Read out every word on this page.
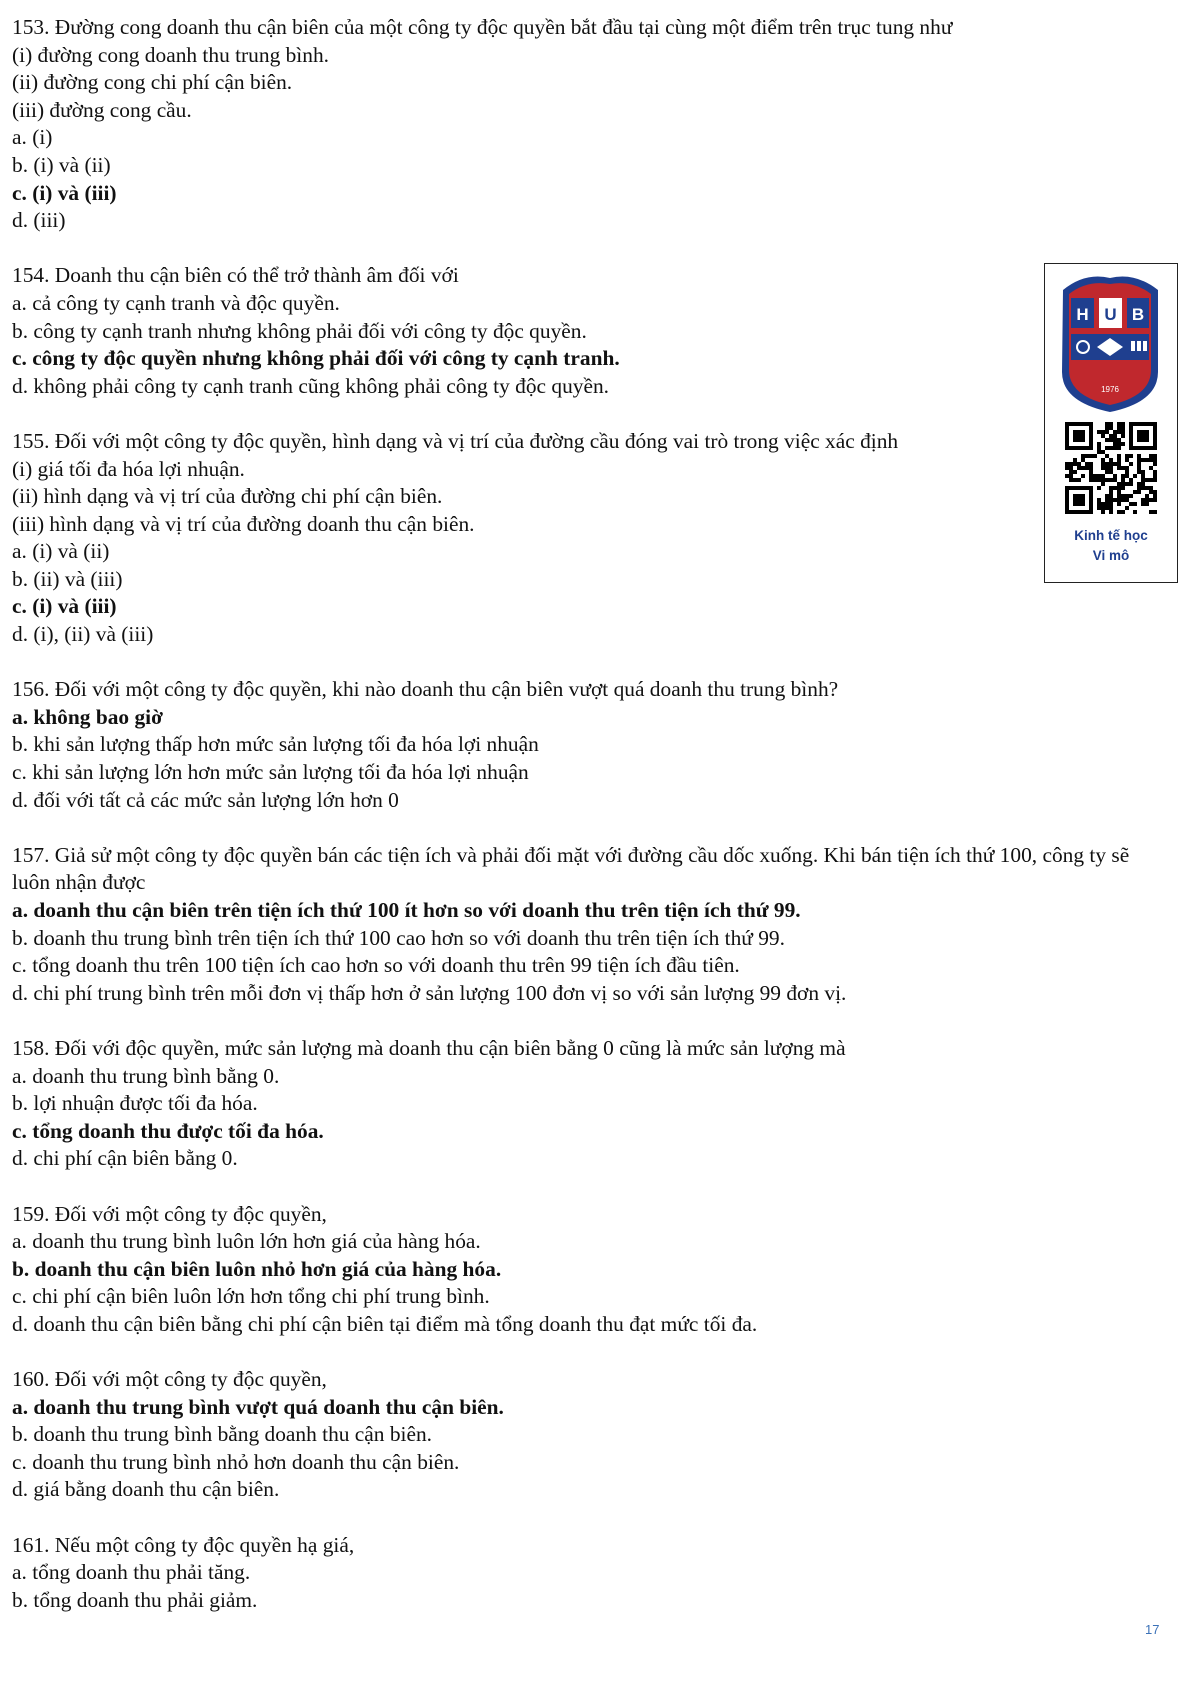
153. Đường cong doanh thu cận biên của một công ty độc quyền bắt đầu tại cùng một điểm trên trục tung như
(i) đường cong doanh thu trung bình.
(ii) đường cong chi phí cận biên.
(iii) đường cong cầu.
a. (i)
b. (i) và (ii)
c. (i) và (iii)
d. (iii)
154. Doanh thu cận biên có thể trở thành âm đối với
a. cả công ty cạnh tranh và độc quyền.
b. công ty cạnh tranh nhưng không phải đối với công ty độc quyền.
c. công ty độc quyền nhưng không phải đối với công ty cạnh tranh.
d. không phải công ty cạnh tranh cũng không phải công ty độc quyền.
155. Đối với một công ty độc quyền, hình dạng và vị trí của đường cầu đóng vai trò trong việc xác định
(i) giá tối đa hóa lợi nhuận.
(ii) hình dạng và vị trí của đường chi phí cận biên.
(iii) hình dạng và vị trí của đường doanh thu cận biên.
a. (i) và (ii)
b. (ii) và (iii)
c. (i) và (iii)
d. (i), (ii) và (iii)
156. Đối với một công ty độc quyền, khi nào doanh thu cận biên vượt quá doanh thu trung bình?
a. không bao giờ
b. khi sản lượng thấp hơn mức sản lượng tối đa hóa lợi nhuận
c. khi sản lượng lớn hơn mức sản lượng tối đa hóa lợi nhuận
d. đối với tất cả các mức sản lượng lớn hơn 0
157. Giả sử một công ty độc quyền bán các tiện ích và phải đối mặt với đường cầu dốc xuống. Khi bán tiện ích thứ 100, công ty sẽ luôn nhận được
a. doanh thu cận biên trên tiện ích thứ 100 ít hơn so với doanh thu trên tiện ích thứ 99.
b. doanh thu trung bình trên tiện ích thứ 100 cao hơn so với doanh thu trên tiện ích thứ 99.
c. tổng doanh thu trên 100 tiện ích cao hơn so với doanh thu trên 99 tiện ích đầu tiên.
d. chi phí trung bình trên mỗi đơn vị thấp hơn ở sản lượng 100 đơn vị so với sản lượng 99 đơn vị.
158. Đối với độc quyền, mức sản lượng mà doanh thu cận biên bằng 0 cũng là mức sản lượng mà
a. doanh thu trung bình bằng 0.
b. lợi nhuận được tối đa hóa.
c. tổng doanh thu được tối đa hóa.
d. chi phí cận biên bằng 0.
159. Đối với một công ty độc quyền,
a. doanh thu trung bình luôn lớn hơn giá của hàng hóa.
b. doanh thu cận biên luôn nhỏ hơn giá của hàng hóa.
c. chi phí cận biên luôn lớn hơn tổng chi phí trung bình.
d. doanh thu cận biên bằng chi phí cận biên tại điểm mà tổng doanh thu đạt mức tối đa.
160. Đối với một công ty độc quyền,
a. doanh thu trung bình vượt quá doanh thu cận biên.
b. doanh thu trung bình bằng doanh thu cận biên.
c. doanh thu trung bình nhỏ hơn doanh thu cận biên.
d. giá bằng doanh thu cận biên.
161. Nếu một công ty độc quyền hạ giá,
a. tổng doanh thu phải tăng.
b. tổng doanh thu phải giảm.
H U B
1976
Kinh tế học
Vi mô
17
